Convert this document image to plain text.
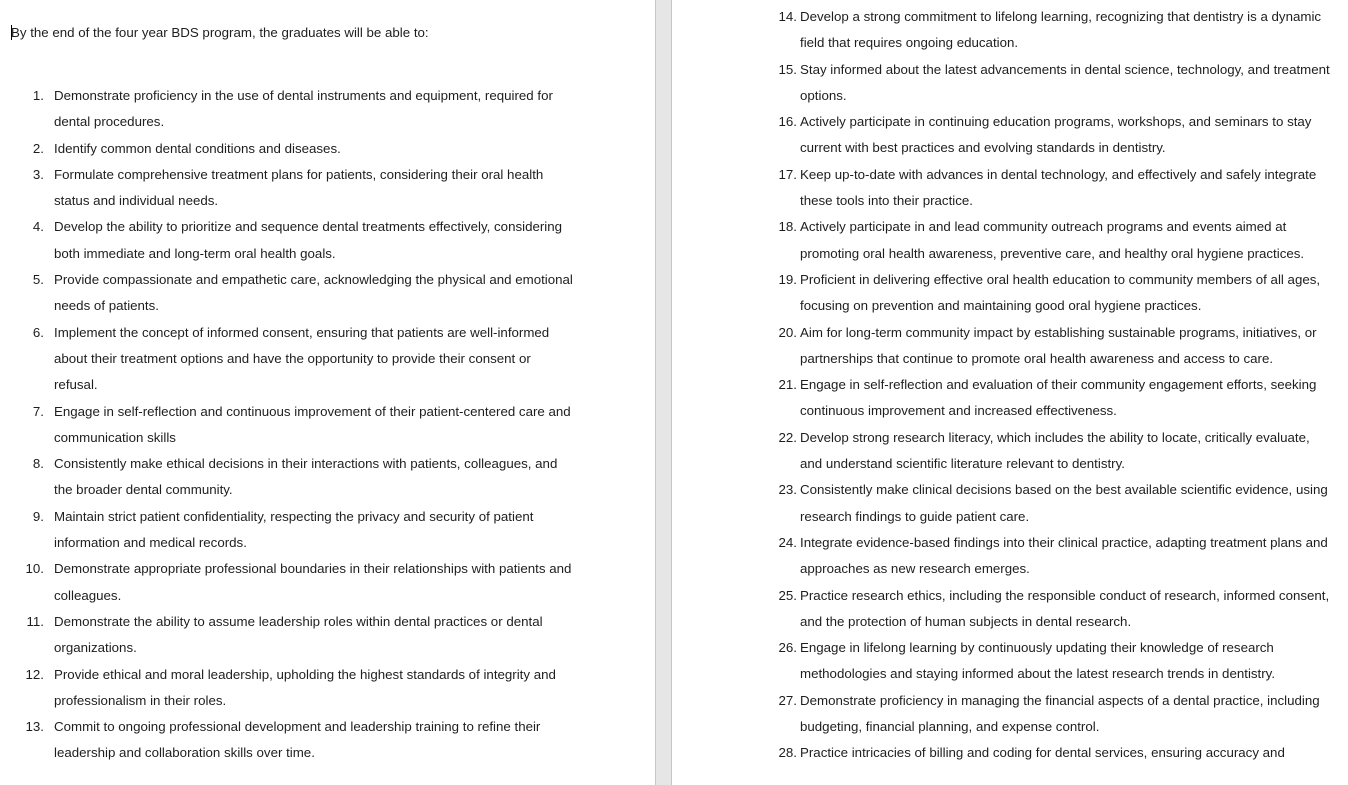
By the end of the four year BDS program, the graduates will be able to:
1. Demonstrate proficiency in the use of dental instruments and equipment, required for dental procedures.
2. Identify common dental conditions and diseases.
3. Formulate comprehensive treatment plans for patients, considering their oral health status and individual needs.
4. Develop the ability to prioritize and sequence dental treatments effectively, considering both immediate and long-term oral health goals.
5. Provide compassionate and empathetic care, acknowledging the physical and emotional needs of patients.
6. Implement the concept of informed consent, ensuring that patients are well-informed about their treatment options and have the opportunity to provide their consent or refusal.
7. Engage in self-reflection and continuous improvement of their patient-centered care and communication skills
8. Consistently make ethical decisions in their interactions with patients, colleagues, and the broader dental community.
9. Maintain strict patient confidentiality, respecting the privacy and security of patient information and medical records.
10. Demonstrate appropriate professional boundaries in their relationships with patients and colleagues.
11. Demonstrate the ability to assume leadership roles within dental practices or dental organizations.
12. Provide ethical and moral leadership, upholding the highest standards of integrity and professionalism in their roles.
13. Commit to ongoing professional development and leadership training to refine their leadership and collaboration skills over time.
14. Develop a strong commitment to lifelong learning, recognizing that dentistry is a dynamic field that requires ongoing education.
15. Stay informed about the latest advancements in dental science, technology, and treatment options.
16. Actively participate in continuing education programs, workshops, and seminars to stay current with best practices and evolving standards in dentistry.
17. Keep up-to-date with advances in dental technology, and effectively and safely integrate these tools into their practice.
18. Actively participate in and lead community outreach programs and events aimed at promoting oral health awareness, preventive care, and healthy oral hygiene practices.
19. Proficient in delivering effective oral health education to community members of all ages, focusing on prevention and maintaining good oral hygiene practices.
20. Aim for long-term community impact by establishing sustainable programs, initiatives, or partnerships that continue to promote oral health awareness and access to care.
21. Engage in self-reflection and evaluation of their community engagement efforts, seeking continuous improvement and increased effectiveness.
22. Develop strong research literacy, which includes the ability to locate, critically evaluate, and understand scientific literature relevant to dentistry.
23. Consistently make clinical decisions based on the best available scientific evidence, using research findings to guide patient care.
24. Integrate evidence-based findings into their clinical practice, adapting treatment plans and approaches as new research emerges.
25. Practice research ethics, including the responsible conduct of research, informed consent, and the protection of human subjects in dental research.
26. Engage in lifelong learning by continuously updating their knowledge of research methodologies and staying informed about the latest research trends in dentistry.
27. Demonstrate proficiency in managing the financial aspects of a dental practice, including budgeting, financial planning, and expense control.
28. Practice intricacies of billing and coding for dental services, ensuring accuracy and
